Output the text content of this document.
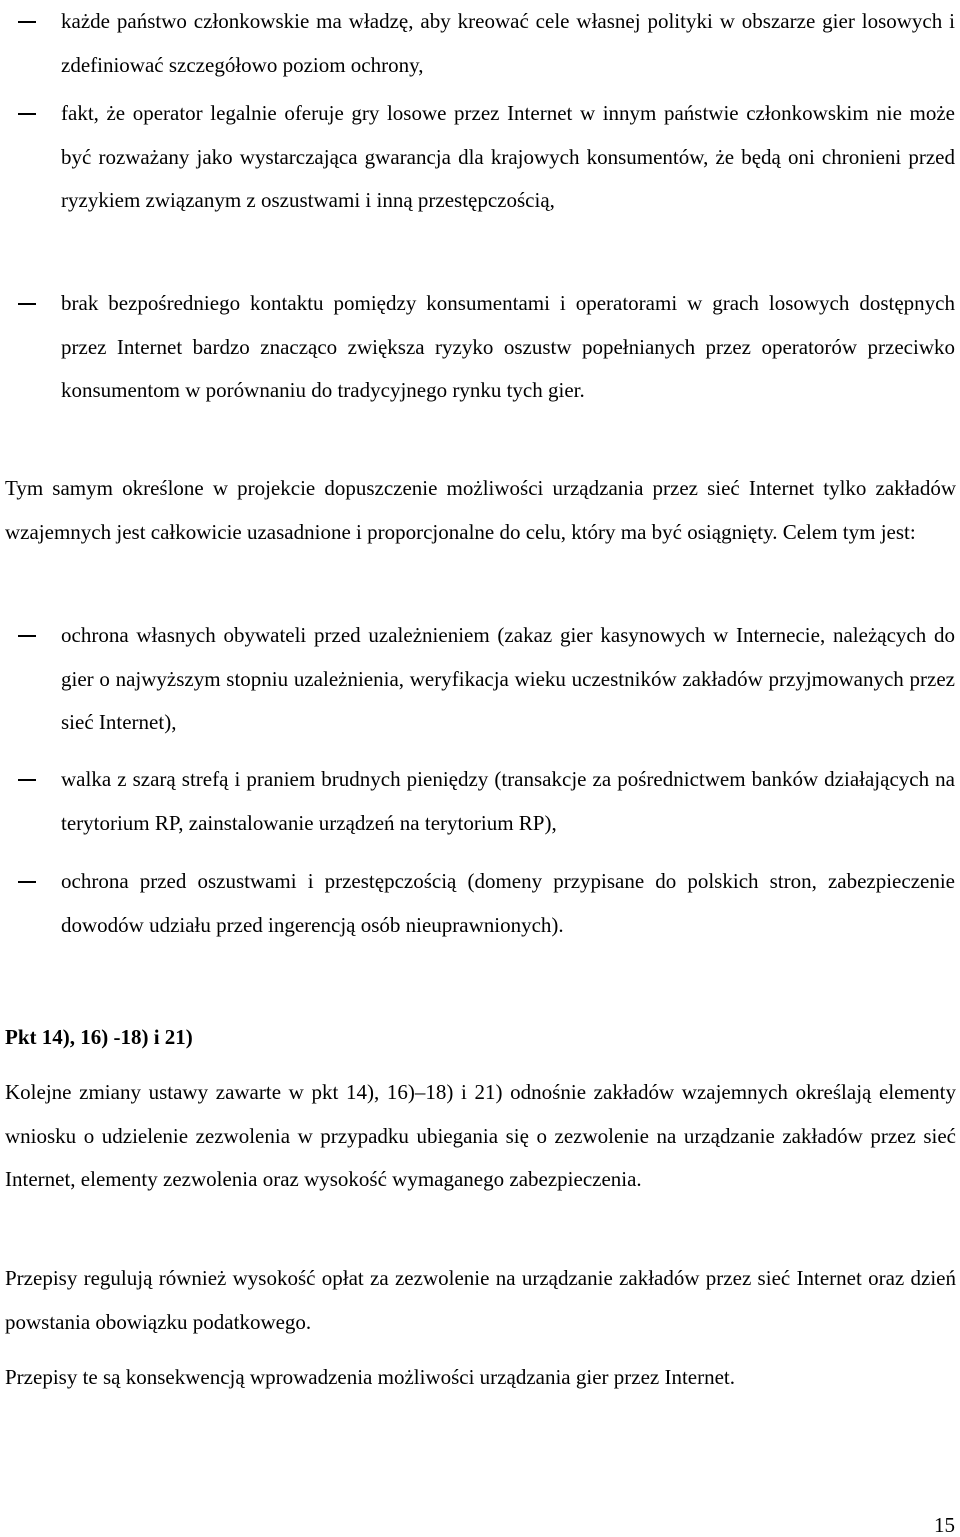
każde państwo członkowskie ma władzę, aby kreować cele własnej polityki w obszarze gier losowych i zdefiniować szczegółowo poziom ochrony,
fakt, że operator legalnie oferuje gry losowe przez Internet w innym państwie członkowskim nie może być rozważany jako wystarczająca gwarancja dla krajowych konsumentów, że będą oni chronieni przed ryzykiem związanym z oszustwami i inną przestępczością,
brak bezpośredniego kontaktu pomiędzy konsumentami i operatorami w grach losowych dostępnych przez Internet bardzo znacząco zwiększa ryzyko oszustw popełnianych przez operatorów przeciwko konsumentom w porównaniu do tradycyjnego rynku tych gier.
Tym samym określone w projekcie dopuszczenie możliwości urządzania przez sieć Internet tylko zakładów wzajemnych jest całkowicie uzasadnione i proporcjonalne do celu, który ma być osiągnięty. Celem tym jest:
ochrona własnych obywateli przed uzależnieniem (zakaz gier kasynowych w Internecie, należących do gier o najwyższym stopniu uzależnienia, weryfikacja wieku uczestników zakładów przyjmowanych przez sieć Internet),
walka z szarą strefą i praniem brudnych pieniędzy (transakcje za pośrednictwem banków działających na terytorium RP, zainstalowanie urządzeń na terytorium RP),
ochrona przed oszustwami i przestępczością (domeny przypisane do polskich stron, zabezpieczenie dowodów udziału przed ingerencją osób nieuprawnionych).
Pkt 14), 16) -18) i 21)
Kolejne zmiany ustawy zawarte w pkt 14), 16)–18) i 21) odnośnie zakładów wzajemnych określają elementy wniosku o udzielenie zezwolenia w przypadku ubiegania się o zezwolenie na urządzanie zakładów przez sieć Internet, elementy zezwolenia oraz wysokość wymaganego zabezpieczenia.
Przepisy regulują również wysokość opłat za zezwolenie na urządzanie zakładów przez sieć Internet oraz dzień powstania obowiązku podatkowego.
Przepisy te są konsekwencją wprowadzenia możliwości urządzania gier przez Internet.
15
